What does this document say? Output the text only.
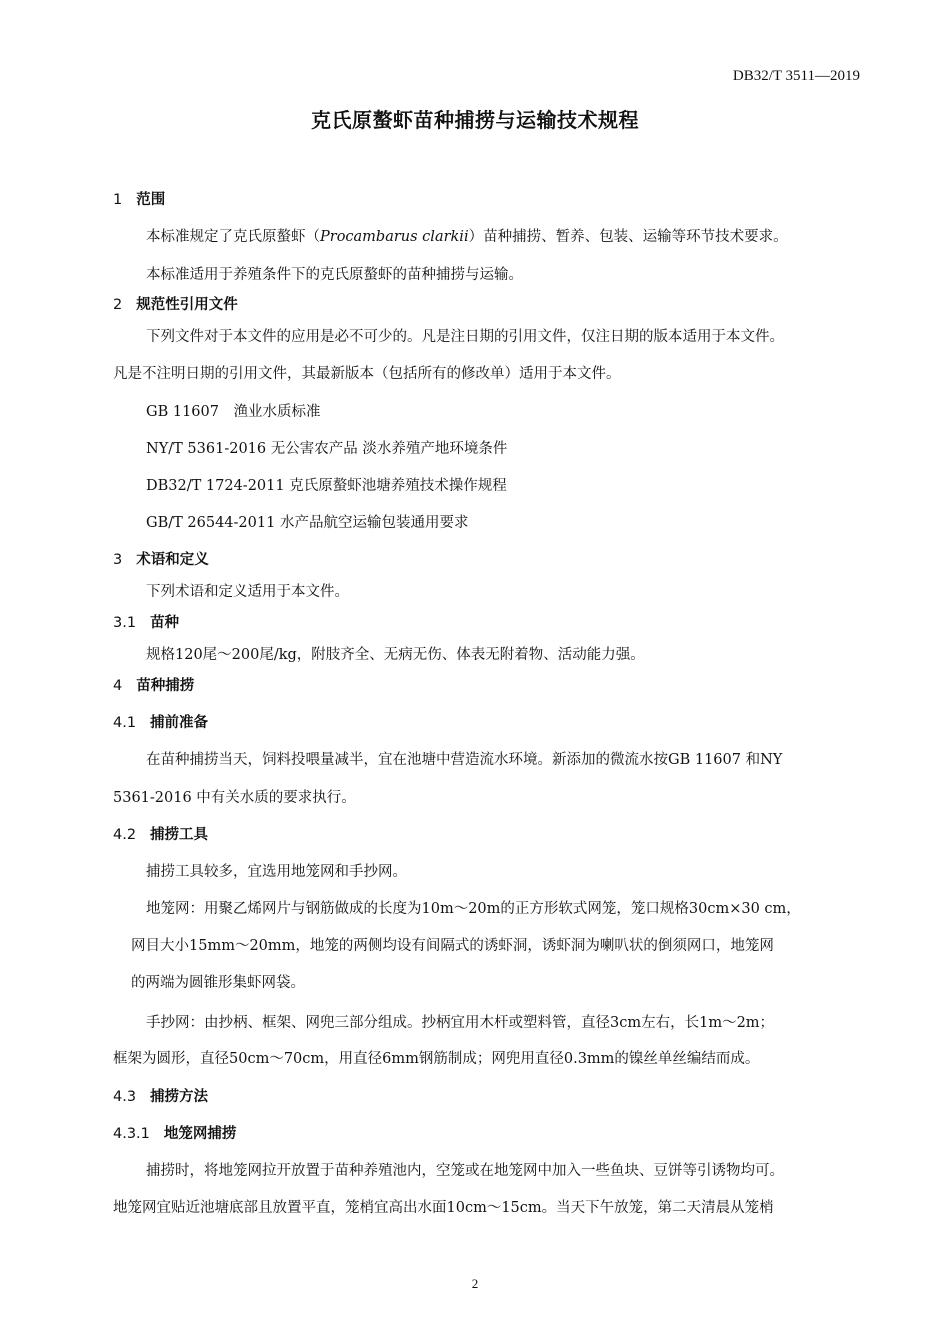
DB32/T 3511—2019
克氏原螯虾苗种捕捞与运输技术规程
1 范围
本标准规定了克氏原螯虾（Procambarus clarkii）苗种捕捞、暂养、包装、运输等环节技术要求。
本标准适用于养殖条件下的克氏原螯虾的苗种捕捞与运输。
2 规范性引用文件
下列文件对于本文件的应用是必不可少的。凡是注日期的引用文件，仅注日期的版本适用于本文件。
凡是不注明日期的引用文件，其最新版本（包括所有的修改单）适用于本文件。
GB 11607　渔业水质标准
NY/T 5361-2016 无公害农产品 淡水养殖产地环境条件
DB32/T 1724-2011 克氏原螯虾池塘养殖技术操作规程
GB/T 26544-2011 水产品航空运输包装通用要求
3 术语和定义
下列术语和定义适用于本文件。
3.1 苗种
规格120尾～200尾/kg，附肢齐全、无病无伤、体表无附着物、活动能力强。
4 苗种捕捞
4.1 捕前准备
在苗种捕捞当天，饲料投喂量减半，宜在池塘中营造流水环境。新添加的微流水按GB 11607 和NY
5361-2016 中有关水质的要求执行。
4.2 捕捞工具
捕捞工具较多，宜选用地笼网和手抄网。
地笼网：用聚乙烯网片与钢筋做成的长度为10m～20m的正方形软式网笼，笼口规格30cm×30 cm，
网目大小15mm～20mm，地笼的两侧均设有间隔式的诱虾洞，诱虾洞为喇叭状的倒须网口，地笼网
的两端为圆锥形集虾网袋。
手抄网：由抄柄、框架、网兜三部分组成。抄柄宜用木杆或塑料管，直径3cm左右，长1m～2m；
框架为圆形，直径50cm～70cm，用直径6mm钢筋制成；网兜用直径0.3mm的镍丝单丝编结而成。
4.3 捕捞方法
4.3.1 地笼网捕捞
捕捞时，将地笼网拉开放置于苗种养殖池内，空笼或在地笼网中加入一些鱼块、豆饼等引诱物均可。
地笼网宜贴近池塘底部且放置平直，笼梢宜高出水面10cm～15cm。当天下午放笼，第二天清晨从笼梢
2
